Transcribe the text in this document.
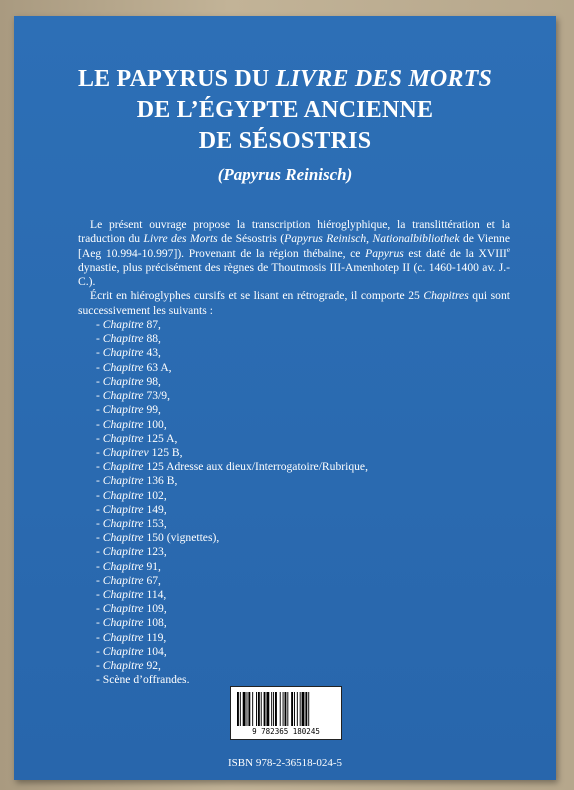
LE PAPYRUS DU LIVRE DES MORTS
DE L’ÉGYPTE ANCIENNE
DE SÉSOSTRIS
(Papyrus Reinisch)

Le présent ouvrage propose la transcription hiéroglyphique, la translittération et la traduction du Livre des Morts de Sésostris (Papyrus Reinisch, Nationalbibliothek de Vienne [Aeg 10.994-10.997]). Provenant de la région thébaine, ce Papyrus est daté de la XVIIIe dynastie, plus précisément des règnes de Thoutmosis III-Amenhotep II (c. 1460-1400 av. J.-C.).

Écrit en hiéroglyphes cursifs et se lisant en rétrograde, il comporte 25 Chapitres qui sont successivement les suivants :

- Chapitre 87,
- Chapitre 88,
- Chapitre 43,
- Chapitre 63 A,
- Chapitre 98,
- Chapitre 73/9,
- Chapitre 99,
- Chapitre 100,
- Chapitre 125 A,
- Chapitrev 125 B,
- Chapitre 125 Adresse aux dieux/Interrogatoire/Rubrique,
- Chapitre 136 B,
- Chapitre 102,
- Chapitre 149,
- Chapitre 153,
- Chapitre 150 (vignettes),
- Chapitre 123,
- Chapitre 91,
- Chapitre 67,
- Chapitre 114,
- Chapitre 109,
- Chapitre 108,
- Chapitre 119,
- Chapitre 104,
- Chapitre 92,
- Scène d’offrandes.
9 782365 180245
ISBN 978-2-36518-024-5
